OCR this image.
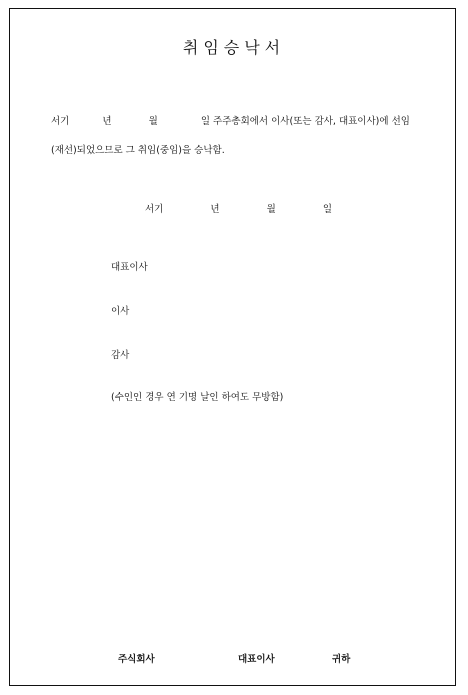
취임승낙서
서기	년	월	일 주주총회에서 이사(또는 감사, 대표이사)에 선임
(재선)되었으므로 그 취임(중임)을 승낙함.
서기	년	월	일
대표이사
이사
감사
(수인인 경우 연 기명 날인 하여도 무방함)
주식회사	대표이사	귀하
